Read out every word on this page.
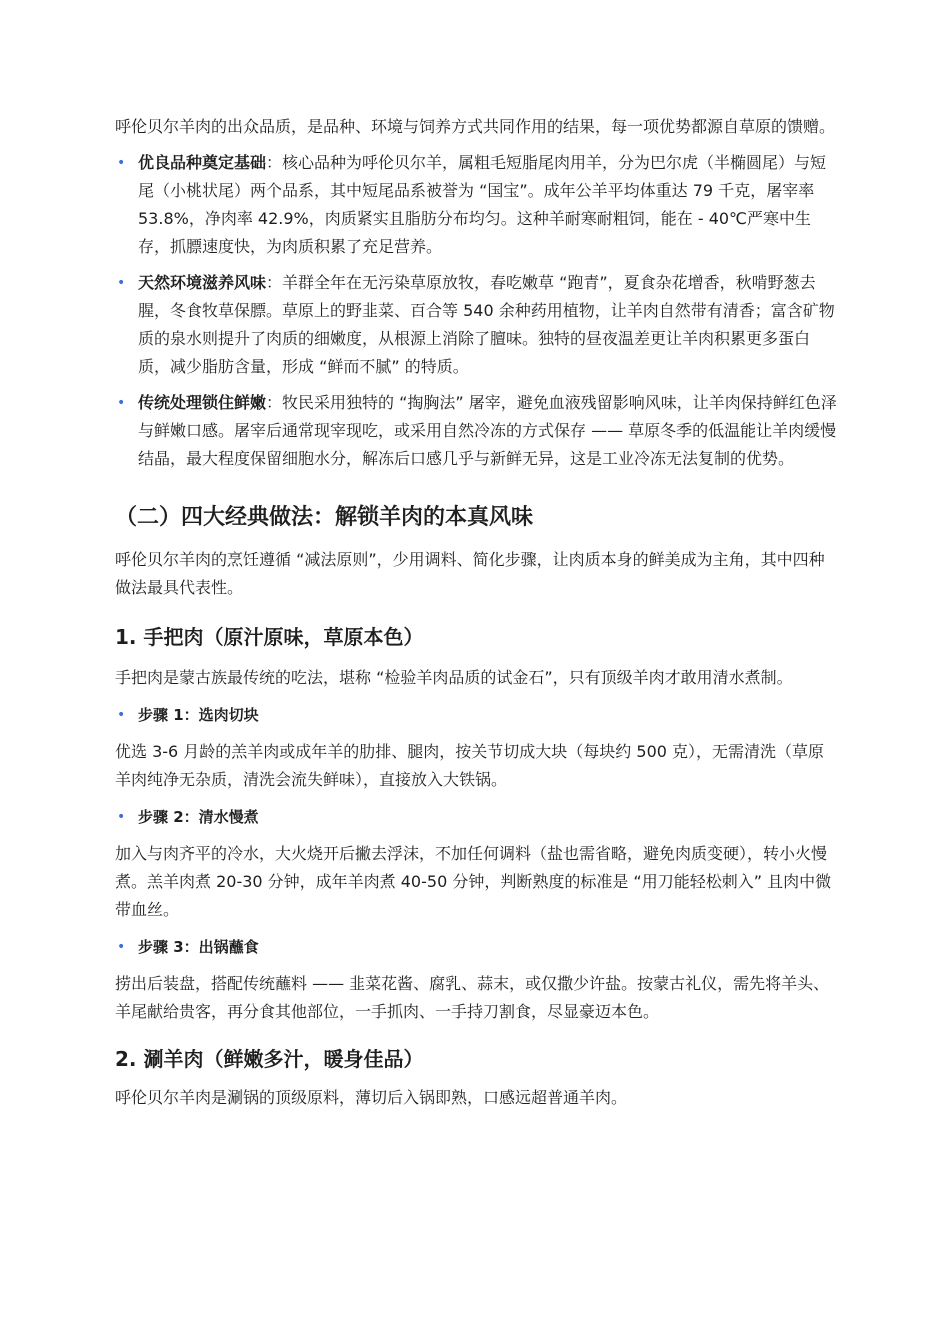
呼伦贝尔羊肉的出众品质，是品种、环境与饲养方式共同作用的结果，每一项优势都源自草原的馈赠。

• 优良品种奠定基础：核心品种为呼伦贝尔羊，属粗毛短脂尾肉用羊，分为巴尔虎（半椭圆尾）与短尾（小桃状尾）两个品系，其中短尾品系被誉为 “国宝”。成年公羊平均体重达 79 千克，屠宰率 53.8%，净肉率 42.9%，肉质紧实且脂肪分布均匀。这种羊耐寒耐粗饲，能在 - 40℃严寒中生存，抓膘速度快，为肉质积累了充足营养。
• 天然环境滋养风味：羊群全年在无污染草原放牧，春吃嫩草 “跑青”，夏食杂花增香，秋啃野葱去腥，冬食牧草保膘。草原上的野韭菜、百合等 540 余种药用植物，让羊肉自然带有清香；富含矿物质的泉水则提升了肉质的细嫩度，从根源上消除了膻味。独特的昼夜温差更让羊肉积累更多蛋白质，减少脂肪含量，形成 “鲜而不腻” 的特质。
• 传统处理锁住鲜嫩：牧民采用独特的 “掏胸法” 屠宰，避免血液残留影响风味，让羊肉保持鲜红色泽与鲜嫩口感。屠宰后通常现宰现吃，或采用自然冷冻的方式保存 —— 草原冬季的低温能让羊肉缓慢结晶，最大程度保留细胞水分，解冻后口感几乎与新鲜无异，这是工业冷冻无法复制的优势。
（二）四大经典做法：解锁羊肉的本真风味

呼伦贝尔羊肉的烹饪遵循 “减法原则”，少用调料、简化步骤，让肉质本身的鲜美成为主角，其中四种做法最具代表性。

1. 手把肉（原汁原味，草原本色）

手把肉是蒙古族最传统的吃法，堪称 “检验羊肉品质的试金石”，只有顶级羊肉才敢用清水煮制。

• 步骤 1：选肉切块

优选 3-6 月龄的羔羊肉或成年羊的肋排、腿肉，按关节切成大块（每块约 500 克），无需清洗（草原羊肉纯净无杂质，清洗会流失鲜味），直接放入大铁锅。

• 步骤 2：清水慢煮

加入与肉齐平的冷水，大火烧开后撇去浮沫，不加任何调料（盐也需省略，避免肉质变硬），转小火慢煮。羔羊肉煮 20-30 分钟，成年羊肉煮 40-50 分钟，判断熟度的标准是 “用刀能轻松刺入” 且肉中微带血丝。

• 步骤 3：出锅蘸食

捞出后装盘，搭配传统蘸料 —— 韭菜花酱、腐乳、蒜末，或仅撒少许盐。按蒙古礼仪，需先将羊头、羊尾献给贵客，再分食其他部位，一手抓肉、一手持刀割食，尽显豪迈本色。

2. 涮羊肉（鲜嫩多汁，暖身佳品）

呼伦贝尔羊肉是涮锅的顶级原料，薄切后入锅即熟，口感远超普通羊肉。
